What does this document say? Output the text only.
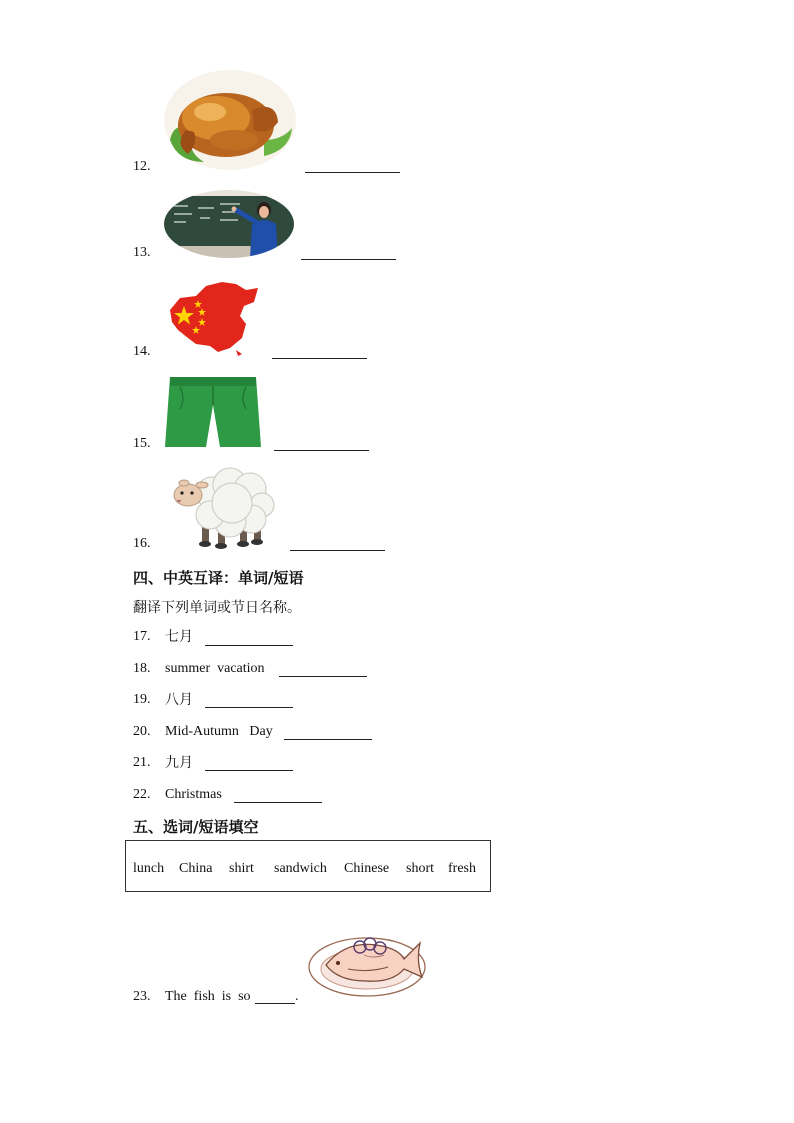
12.
13.
14.
15.
16.
四、中英互译：单词/短语
翻译下列单词或节日名称。
17. 七月
18. summer  vacation
19. 八月
20. Mid-Autumn   Day
21. 九月
22. Christmas
五、选词/短语填空
lunch China shirt sandwich Chinese short fresh
23. The  fish  is  so	.
